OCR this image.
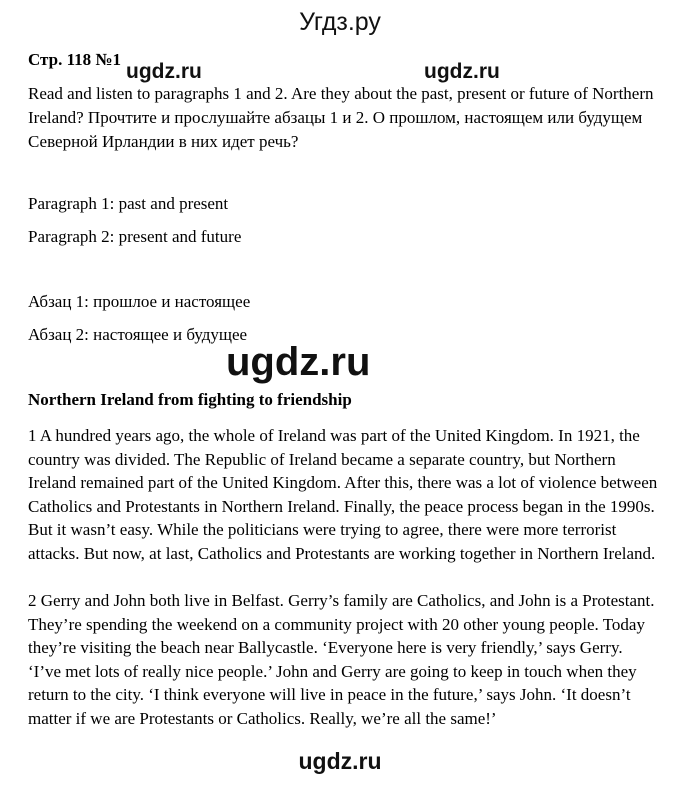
Угдз.ру
ugdz.ru	ugdz.ru
Стр. 118 №1
Read and listen to paragraphs 1 and 2. Are they about the past, present or future of Northern Ireland? Прочтите и прослушайте абзацы 1 и 2. О прошлом, настоящем или будущем Северной Ирландии в них идет речь?
Paragraph 1: past and present
Paragraph 2: present and future
Абзац 1: прошлое и настоящее
Абзац 2: настоящее и будущее
ugdz.ru
Northern Ireland from fighting to friendship
1 A hundred years ago, the whole of Ireland was part of the United Kingdom. In 1921, the country was divided. The Republic of Ireland became a separate country, but Northern Ireland remained part of the United Kingdom. After this, there was a lot of violence between Catholics and Protestants in Northern Ireland. Finally, the peace process began in the 1990s. But it wasn’t easy. While the politicians were trying to agree, there were more terrorist attacks. But now, at last, Catholics and Protestants are working together in Northern Ireland.
2 Gerry and John both live in Belfast. Gerry’s family are Catholics, and John is a Protestant. They’re spending the weekend on a community project with 20 other young people. Today they’re visiting the beach near Ballycastle. ‘Everyone here is very friendly,’ says Gerry. ‘I’ve met lots of really nice people.’ John and Gerry are going to keep in touch when they return to the city. ‘I think everyone will live in peace in the future,’ says John. ‘It doesn’t matter if we are Protestants or Catholics. Really, we’re all the same!’
ugdz.ru
